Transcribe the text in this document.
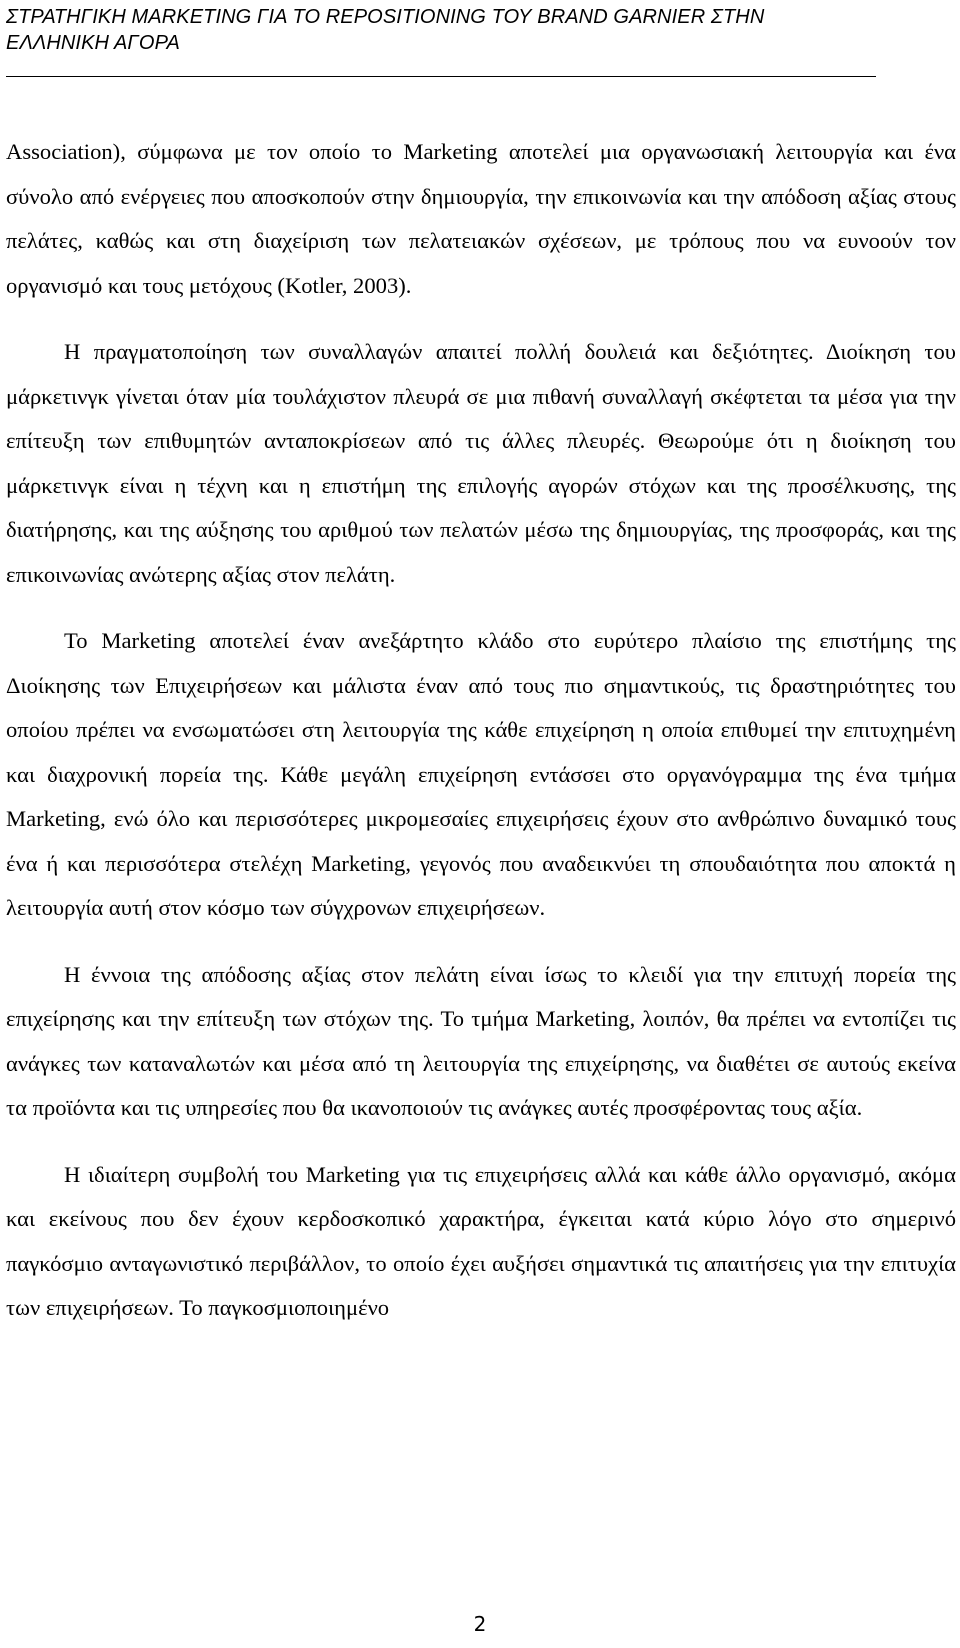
ΣΤΡΑΤΗΓΙΚΗ MARKETING ΓΙΑ ΤΟ REPOSITIONING ΤΟΥ BRAND GARNIER ΣΤΗΝ
ΕΛΛΗΝΙΚΗ ΑΓΟΡΑ

Association), σύμφωνα με τον οποίο το Marketing αποτελεί μια οργανωσιακή λειτουργία και ένα σύνολο από ενέργειες που αποσκοπούν στην δημιουργία, την επικοινωνία και την απόδοση αξίας στους πελάτες, καθώς και στη διαχείριση των πελατειακών σχέσεων, με τρόπους που να ευνοούν τον οργανισμό και τους μετόχους (Kotler, 2003).

Η πραγματοποίηση των συναλλαγών απαιτεί πολλή δουλειά και δεξιότητες. Διοίκηση του μάρκετινγκ γίνεται όταν μία τουλάχιστον πλευρά σε μια πιθανή συναλλαγή σκέφτεται τα μέσα για την επίτευξη των επιθυμητών ανταποκρίσεων από τις άλλες πλευρές. Θεωρούμε ότι η διοίκηση του μάρκετινγκ είναι η τέχνη και η επιστήμη της επιλογής αγορών στόχων και της προσέλκυσης, της διατήρησης, και της αύξησης του αριθμού των πελατών μέσω της δημιουργίας, της προσφοράς, και της επικοινωνίας ανώτερης αξίας στον πελάτη.

Το Marketing αποτελεί έναν ανεξάρτητο κλάδο στο ευρύτερο πλαίσιο της επιστήμης της Διοίκησης των Επιχειρήσεων και μάλιστα έναν από τους πιο σημαντικούς, τις δραστηριότητες του οποίου πρέπει να ενσωματώσει στη λειτουργία της κάθε επιχείρηση η οποία επιθυμεί την επιτυχημένη και διαχρονική πορεία της. Κάθε μεγάλη επιχείρηση εντάσσει στο οργανόγραμμα της ένα τμήμα Marketing, ενώ όλο και περισσότερες μικρομεσαίες επιχειρήσεις έχουν στο ανθρώπινο δυναμικό τους ένα ή και περισσότερα στελέχη Marketing, γεγονός που αναδεικνύει τη σπουδαιότητα που αποκτά η λειτουργία αυτή στον κόσμο των σύγχρονων επιχειρήσεων.

Η έννοια της απόδοσης αξίας στον πελάτη είναι ίσως το κλειδί για την επιτυχή πορεία της επιχείρησης και την επίτευξη των στόχων της. Το τμήμα Marketing, λοιπόν, θα πρέπει να εντοπίζει τις ανάγκες των καταναλωτών και μέσα από τη λειτουργία της επιχείρησης, να διαθέτει σε αυτούς εκείνα τα προϊόντα και τις υπηρεσίες που θα ικανοποιούν τις ανάγκες αυτές προσφέροντας τους αξία.

Η ιδιαίτερη συμβολή του Marketing για τις επιχειρήσεις αλλά και κάθε άλλο οργανισμό, ακόμα και εκείνους που δεν έχουν κερδοσκοπικό χαρακτήρα, έγκειται κατά κύριο λόγο στο σημερινό παγκόσμιο ανταγωνιστικό περιβάλλον, το οποίο έχει αυξήσει σημαντικά τις απαιτήσεις για την επιτυχία των επιχειρήσεων. Το παγκοσμιοποιημένο

2
